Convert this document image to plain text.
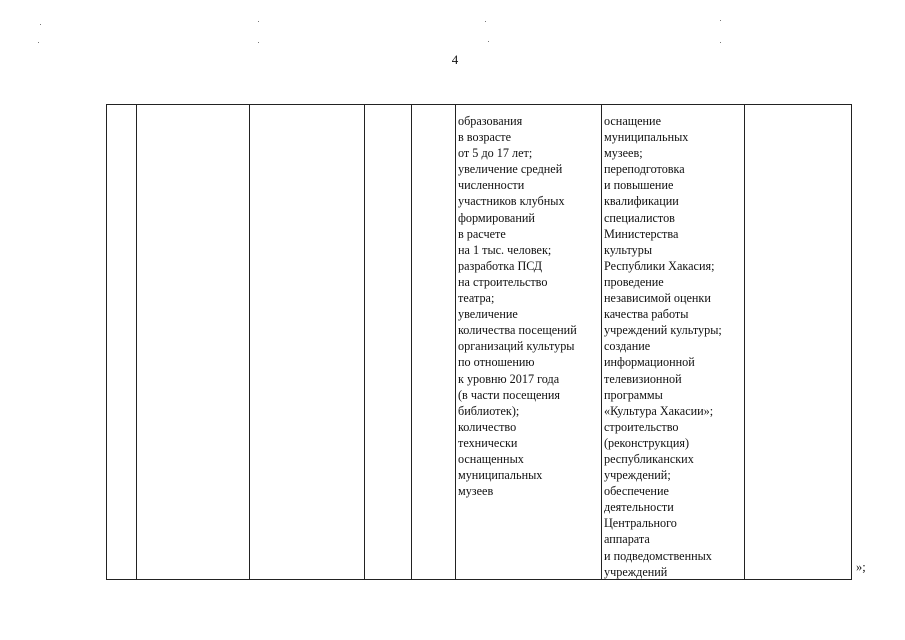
4
образования
в возрасте
от 5 до 17 лет;
увеличение средней
численности
участников клубных
формирований
в расчете
на 1 тыс. человек;
разработка ПСД
на строительство
театра;
увеличение
количества посещений
организаций культуры
по отношению
к уровню 2017 года
(в части посещения
библиотек);
количество
технически
оснащенных
муниципальных
музеев
оснащение
муниципальных
музеев;
переподготовка
и повышение
квалификации
специалистов
Министерства
культуры
Республики Хакасия;
проведение
независимой оценки
качества работы
учреждений культуры;
создание
информационной
телевизионной
программы
«Культура Хакасии»;
строительство
(реконструкция)
республиканских
учреждений;
обеспечение
деятельности
Центрального
аппарата
и подведомственных
учреждений	»;
